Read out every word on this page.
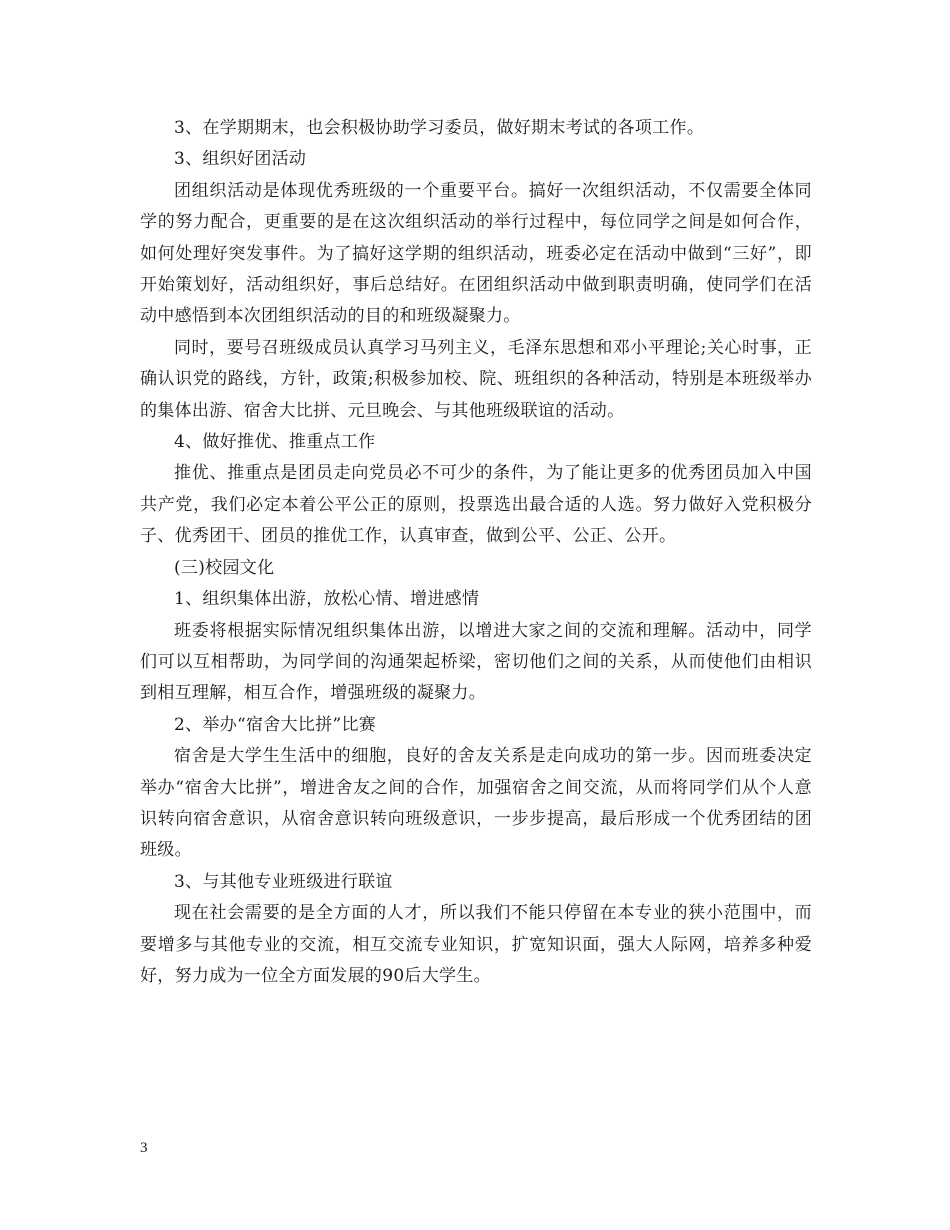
3、在学期期末，也会积极协助学习委员，做好期末考试的各项工作。

3、组织好团活动

团组织活动是体现优秀班级的一个重要平台。搞好一次组织活动，不仅需要全体同学的努力配合，更重要的是在这次组织活动的举行过程中，每位同学之间是如何合作，如何处理好突发事件。为了搞好这学期的组织活动，班委必定在活动中做到“三好”，即开始策划好，活动组织好，事后总结好。在团组织活动中做到职责明确，使同学们在活动中感悟到本次团组织活动的目的和班级凝聚力。

同时，要号召班级成员认真学习马列主义，毛泽东思想和邓小平理论;关心时事，正确认识党的路线，方针，政策;积极参加校、院、班组织的各种活动，特别是本班级举办的集体出游、宿舍大比拼、元旦晚会、与其他班级联谊的活动。

4、做好推优、推重点工作

推优、推重点是团员走向党员必不可少的条件，为了能让更多的优秀团员加入中国共产党，我们必定本着公平公正的原则，投票选出最合适的人选。努力做好入党积极分子、优秀团干、团员的推优工作，认真审查，做到公平、公正、公开。

(三)校园文化

1、组织集体出游，放松心情、增进感情

班委将根据实际情况组织集体出游，以增进大家之间的交流和理解。活动中，同学们可以互相帮助，为同学间的沟通架起桥梁，密切他们之间的关系，从而使他们由相识到相互理解，相互合作，增强班级的凝聚力。

2、举办“宿舍大比拼”比赛

宿舍是大学生生活中的细胞，良好的舍友关系是走向成功的第一步。因而班委决定举办“宿舍大比拼”，增进舍友之间的合作，加强宿舍之间交流，从而将同学们从个人意识转向宿舍意识，从宿舍意识转向班级意识，一步步提高，最后形成一个优秀团结的团班级。

3、与其他专业班级进行联谊

现在社会需要的是全方面的人才，所以我们不能只停留在本专业的狭小范围中，而要增多与其他专业的交流，相互交流专业知识，扩宽知识面，强大人际网，培养多种爱好，努力成为一位全方面发展的90后大学生。

3
